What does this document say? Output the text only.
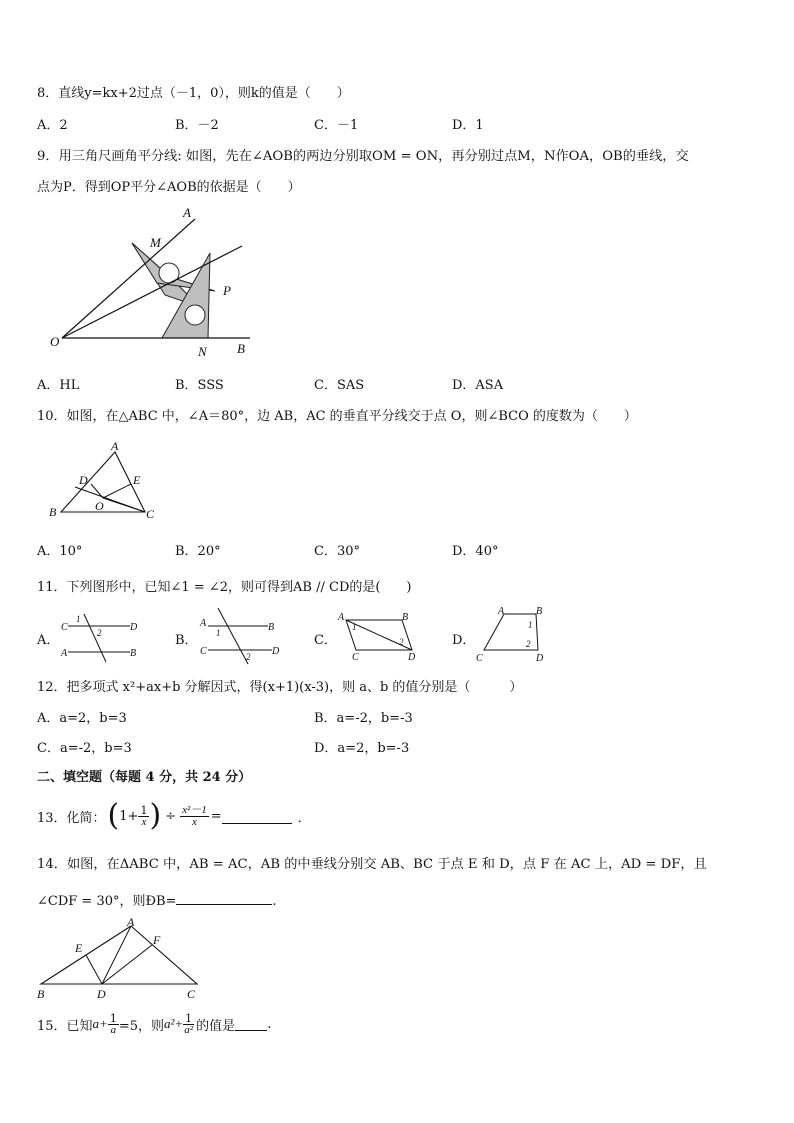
8．直线y=kx+2过点（－1，0），则k的值是（　　）
A．2	B．－2	C．－1	D．1
9．用三角尺画角平分线: 如图，先在∠AOB的两边分别取OM = ON，再分别过点M，N作OA，OB的垂线，交
点为P．得到OP平分∠AOB的依据是（　　）
A
M
P
O
N B
A．HL	B．SSS	C．SAS	D．ASA
10．如图，在△ABC 中，∠A＝80°，边 AB，AC 的垂直平分线交于点 O，则∠BCO 的度数为（　　）
A
D	E
O
B	C
A．10°	B．20°	C．30°	D．40°
11．下列图形中，已知∠1 = ∠2，则可得到AB // CD的是(　　)
A．
C
1
2	D
A	B
B．
A
1	B
C	2 D
C．
A
1
B
2
C	D
D．
A	B
1
2
C	D
12．把多项式 x²+ax+b 分解因式，得(x+1)(x-3)，则 a、b 的值分别是（　　　）
A．a=2，b=3	B．a=-2，b=-3
C．a=-2，b=3	D．a=2，b=-3
二、填空题（每题 4 分，共 24 分）
13．化简： ( $1+ \frac{1}{x}$ ) ÷ $\frac{\text{x²－1}}{x}$ =	．
14．如图，在ΔABC 中，AB = AC，AB 的中垂线分别交 AB、BC 于点 E 和 D，点 F 在 AC 上，AD = DF，且
∠CDF = 30°，则ÐB=	.
A
E
F
B	D	C
15．已知 $a+ \frac{1}{a} =5$，则 $a^2+ \frac{1}{\text{a²}}$ 的值是 .
